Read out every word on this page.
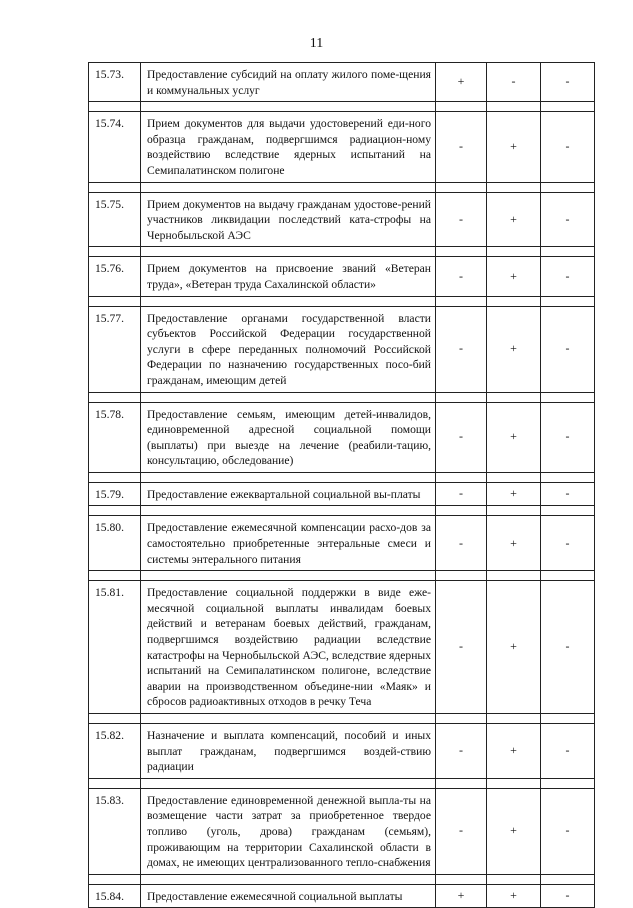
11
15.73.	Предоставление субсидий на оплату жилого поме-щения и коммунальных услуг	+	-	-

15.74.	Прием документов для выдачи удостоверений еди-ного образца гражданам, подвергшимся радиацион-ному воздействию вследствие ядерных испытаний на Семипалатинском полигоне	-	+	-

15.75.	Прием документов на выдачу гражданам удостове-рений участников ликвидации последствий ката-строфы на Чернобыльской АЭС	-	+	-

15.76.	Прием документов на присвоение званий «Ветеран труда», «Ветеран труда Сахалинской области»	-	+	-

15.77.	Предоставление органами государственной власти субъектов Российской Федерации государственной услуги в сфере переданных полномочий Российской Федерации по назначению государственных посо-бий гражданам, имеющим детей	-	+	-

15.78.	Предоставление семьям, имеющим детей-инвалидов, единовременной адресной социальной помощи (выплаты) при выезде на лечение (реабили-тацию, консультацию, обследование)	-	+	-

15.79.	Предоставление ежеквартальной социальной вы-платы	-	+	-

15.80.	Предоставление ежемесячной компенсации расхо-дов за самостоятельно приобретенные энтеральные смеси и системы энтерального питания	-	+	-

15.81.	Предоставление социальной поддержки в виде еже-месячной социальной выплаты инвалидам боевых действий и ветеранам боевых действий, гражданам, подвергшимся воздействию радиации вследствие катастрофы на Чернобыльской АЭС, вследствие ядерных испытаний на Семипалатинском полигоне, вследствие аварии на производственном объедине-нии «Маяк» и сбросов радиоактивных отходов в речку Теча	-	+	-

15.82.	Назначение и выплата компенсаций, пособий и иных выплат гражданам, подвергшимся воздей-ствию радиации	-	+	-

15.83.	Предоставление единовременной денежной выпла-ты на возмещение части затрат за приобретенное твердое топливо (уголь, дрова) гражданам (семьям), проживающим на территории Сахалинской области в домах, не имеющих централизованного тепло-снабжения	-	+	-

15.84.	Предоставление ежемесячной социальной выплаты	+	+	-
